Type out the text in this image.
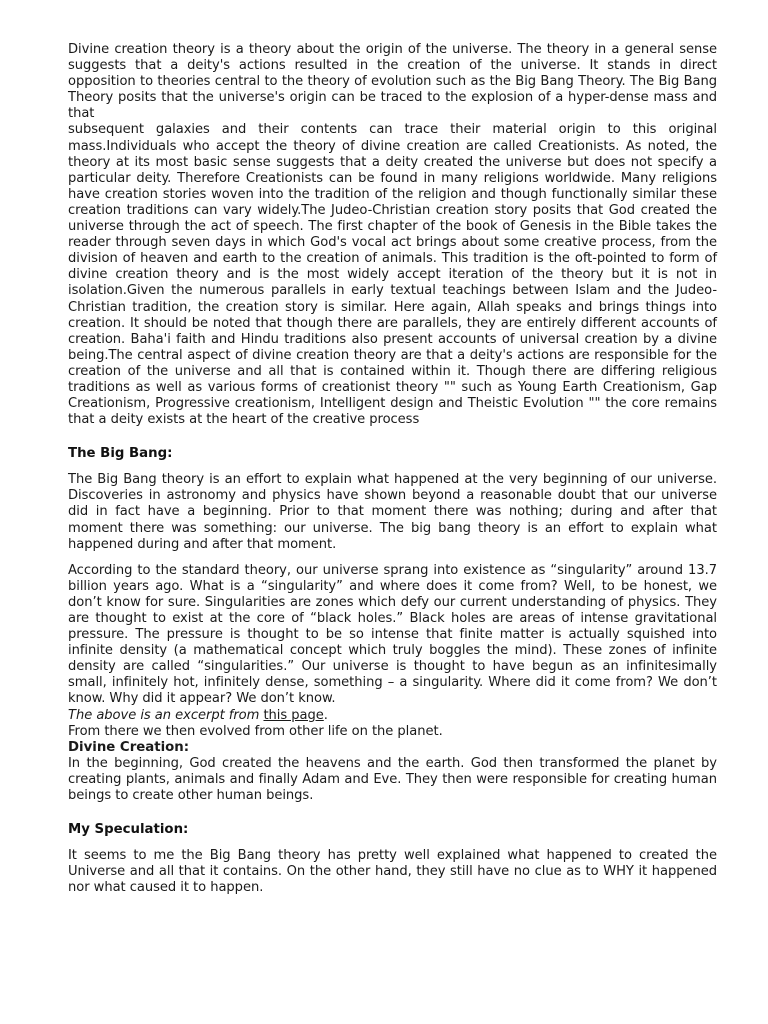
Divine creation theory is a theory about the origin of the universe. The theory in a general sense suggests that a deity's actions resulted in the creation of the universe. It stands in direct opposition to theories central to the theory of evolution such as the Big Bang Theory. The Big Bang Theory posits that the universe's origin can be traced to the explosion of a hyper-dense mass and that

subsequent galaxies and their contents can trace their material origin to this original mass.Individuals who accept the theory of divine creation are called Creationists. As noted, the theory at its most basic sense suggests that a deity created the universe but does not specify a particular deity. Therefore Creationists can be found in many religions worldwide. Many religions have creation stories woven into the tradition of the religion and though functionally similar these creation traditions can vary widely.The Judeo-Christian creation story posits that God created the universe through the act of speech. The first chapter of the book of Genesis in the Bible takes the reader through seven days in which God's vocal act brings about some creative process, from the division of heaven and earth to the creation of animals. This tradition is the oft-pointed to form of divine creation theory and is the most widely accept iteration of the theory but it is not in isolation.Given the numerous parallels in early textual teachings between Islam and the Judeo-Christian tradition, the creation story is similar. Here again, Allah speaks and brings things into creation. It should be noted that though there are parallels, they are entirely different accounts of creation. Baha'i faith and Hindu traditions also present accounts of universal creation by a divine being.The central aspect of divine creation theory are that a deity's actions are responsible for the creation of the universe and all that is contained within it. Though there are differing religious traditions as well as various forms of creationist theory "" such as Young Earth Creationism, Gap Creationism, Progressive creationism, Intelligent design and Theistic Evolution "" the core remains that a deity exists at the heart of the creative process

The Big Bang:

The Big Bang theory is an effort to explain what happened at the very beginning of our universe. Discoveries in astronomy and physics have shown beyond a reasonable doubt that our universe did in fact have a beginning. Prior to that moment there was nothing; during and after that moment there was something: our universe. The big bang theory is an effort to explain what happened during and after that moment.

According to the standard theory, our universe sprang into existence as “singularity” around 13.7 billion years ago. What is a “singularity” and where does it come from? Well, to be honest, we don’t know for sure. Singularities are zones which defy our current understanding of physics. They are thought to exist at the core of “black holes.” Black holes are areas of intense gravitational pressure. The pressure is thought to be so intense that finite matter is actually squished into infinite density (a mathematical concept which truly boggles the mind). These zones of infinite density are called “singularities.” Our universe is thought to have begun as an infinitesimally small, infinitely hot, infinitely dense, something – a singularity. Where did it come from? We don’t know. Why did it appear? We don’t know.

The above is an excerpt from this page.

From there we then evolved from other life on the planet.

Divine Creation:

In the beginning, God created the heavens and the earth. God then transformed the planet by creating plants, animals and finally Adam and Eve. They then were responsible for creating human beings to create other human beings.

My Speculation:

It seems to me the Big Bang theory has pretty well explained what happened to created the Universe and all that it contains. On the other hand, they still have no clue as to WHY it happened nor what caused it to happen.
